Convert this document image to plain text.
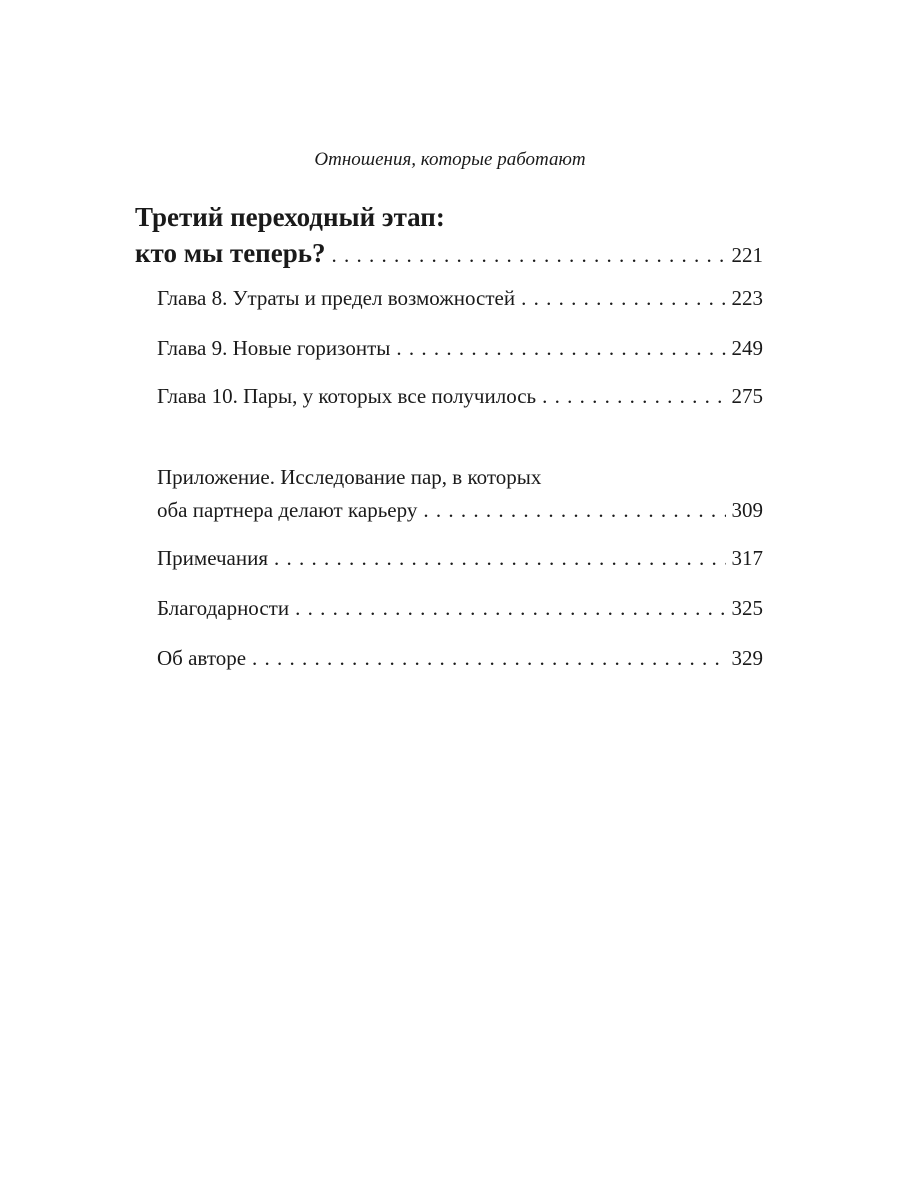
Отношения, которые работают
Третий переходный этап:
кто мы теперь? . . .	221
Глава 8. Утраты и предел возможностей . . .	223
Глава 9. Новые горизонты . . .	249
Глава 10. Пары, у которых все получилось . . .	275
Приложение. Исследование пар, в которых
оба партнера делают карьеру . . .	309
Примечания . . .	317
Благодарности . . .	325
Об авторе . . .	329
